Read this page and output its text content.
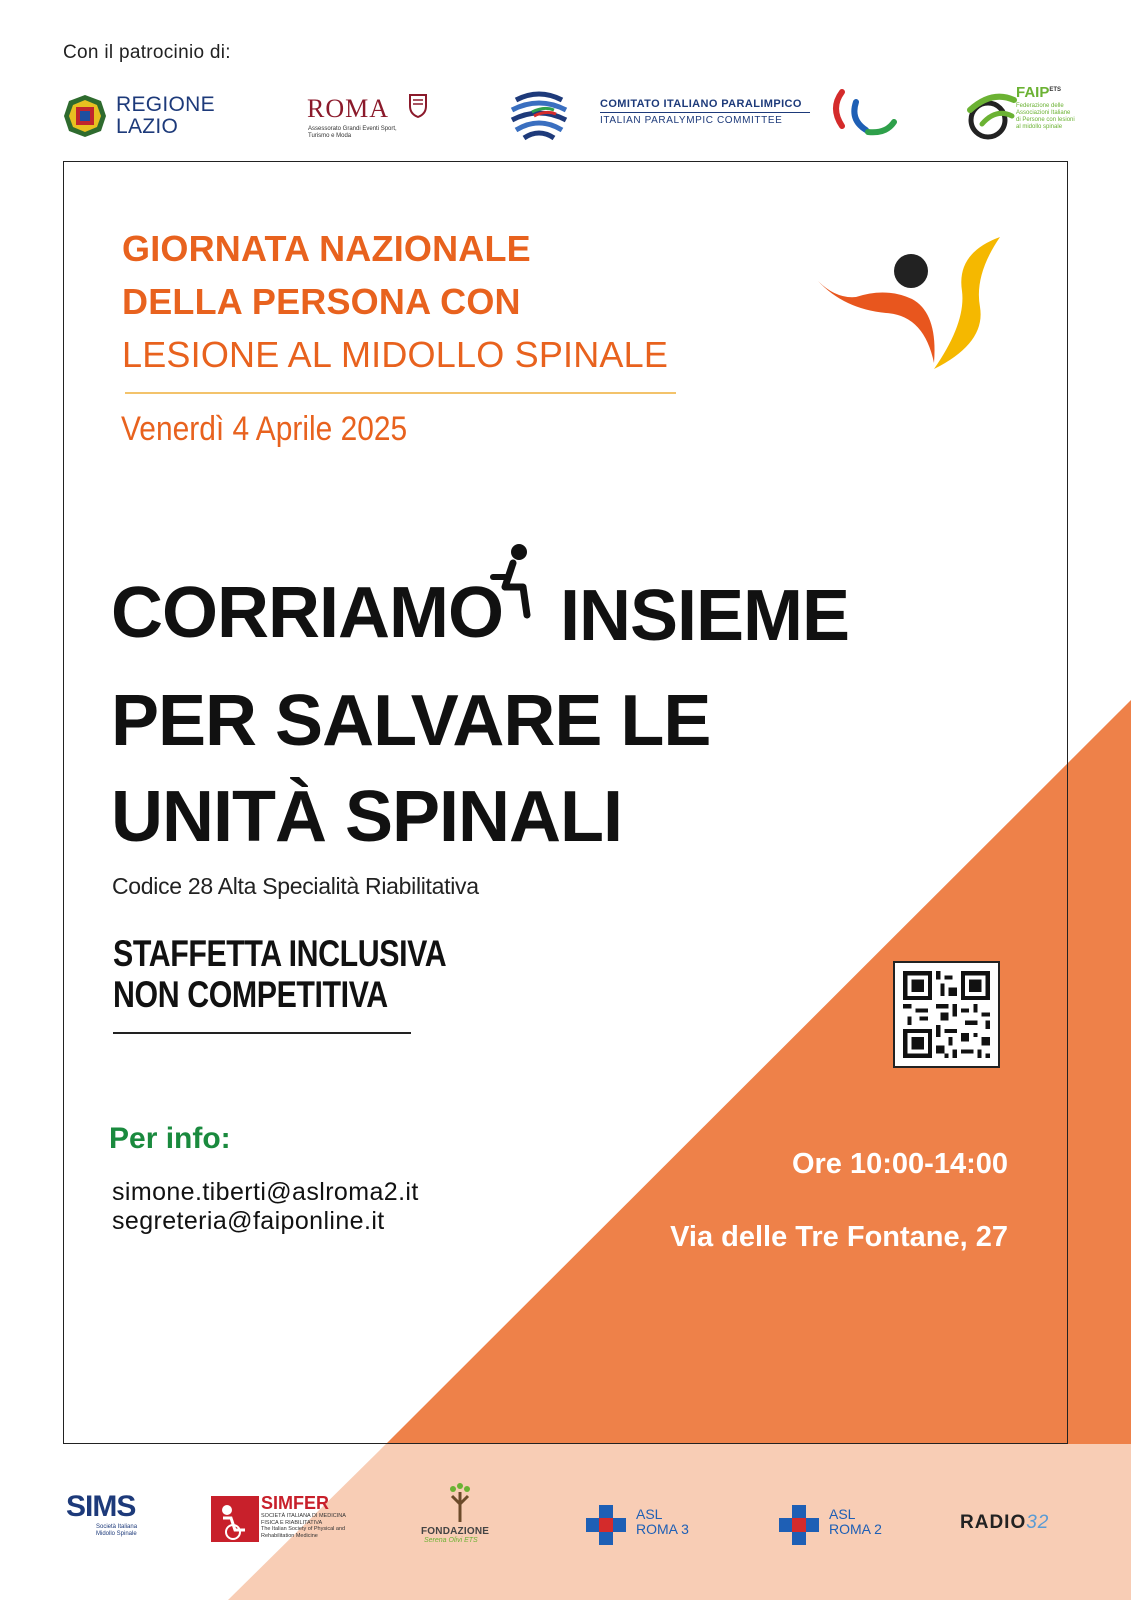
Con il patrocinio di:
REGIONE
LAZIO
ROMA
Assessorato Grandi Eventi Sport,
Turismo e Moda
COMITATO ITALIANO PARALIMPICO
ITALIAN PARALYMPIC COMMITTEE
$FAIP^{ETS}$
Federazione delle
Associazioni Italiane
di Persone con lesioni
al midollo spinale
GIORNATA NAZIONALE
DELLA PERSONA CON
LESIONE AL MIDOLLO SPINALE
Venerdì 4 Aprile 2025
CORRIAMO INSIEME
PER SALVARE LE
UNITÀ SPINALI
Codice 28 Alta Specialità Riabilitativa
STAFFETTA INCLUSIVA
NON COMPETITIVA
Per info:
simone.tiberti@aslroma2.it
segreteria@faiponline.it
Ore 10:00-14:00
Via delle Tre Fontane, 27
SIMS
Società Italiana
Midollo Spinale
SIMFER
SOCIETÀ ITALIANA DI MEDICINA
FISICA E RIABILITATIVA
The Italian Society of Physical and
Rehabilitation Medicine	FONDAZIONE
Serena Olivi ETS
ASL
ROMA 3
ASL
ROMA 2	RADIO32
